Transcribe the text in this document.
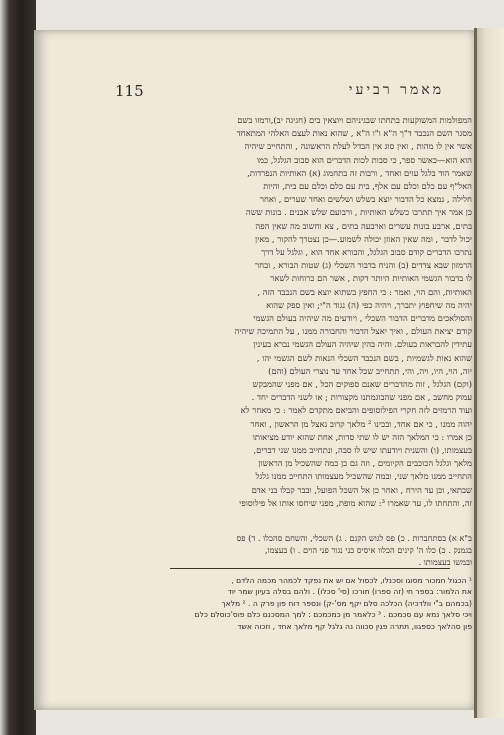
115	מאמר רביעי
המפולמות המשוקעות בתחתו שבגיניהם ויוצאין בים (חגיגה יב),ורמזו בשם
מסגר השם הנכבד ד"ך ה"א ו"ו ה"א , שהוא נאות לעצם האלהי המתאחד
אשר אין לו מהות , ואין סוג אין הבדל לעלת הראשונה , והתחייב שיהיה
הוא הוא—כאשר ספר, כי סבות לכות הדברים הוא סבוב הגלגל, כמו
שאמר הוד בלגל עוים ואחד , ורבות זה בתחמוג (א) האותיות הנפרדות,
האל"ף עם כלם וכלם עם אלף, בית עם כלם וכלם עם בית, והיות
חלילה , נמצא כל הדבור יוצא בשלש ושלשים ואחד שערים , ואחר
כן אמר איך תתרבו כשלש האותיות , ורבועם שלש אבנים . בונות ששה
בתים, ארבע בונות עשרים וארבעה בתים , צא וחשוב מה שאין הפה
יכול לדבר , ומה שאין האוזן יכולה לשמוע.—כן נצטרך להקור , מאין
נתרבו הדברים קודם סבוב הגלגל, והבורא אחד הוא , וגלגל על דרך
הרמזון שבא צדדים (ב) והניח בדבור השכלי (ג) שטות הבורא , ובחר
לו בדבור הגשמי האותיות היותר דקות , אשר הם כרוחות לשאר
האותיות, והם הוי, ואמר : כי החפץ בשתוא יוצא בשם הנכבד הזה ,
יהיה מה שיחפוץ יתברך, ויהיה כפי (ה) נגוד ה"י; ואין ספק שהוא
והסולאכים מדברים הדבור השכלי , ויודעים מה שיהיה בעולם הגשמי
קודם יציאת העולם , ואיך יאצל הדבור והחבורה ממנו , על התמיכה שיהיה
עתידין להבראות בעולם. והיה בהין שיהיה העולם הגשמי נברא בעינין
שהוא נאות לגשמיות , בשם הנכבד השכלי הנאות לשם הגשמי יהו ,
יוה, הוי, היו, ויה, והי, תתחייב שכל אחד עד נוצרי העולם (והם)
(וקם) הגלגל , זוה מהדברים שאנם ספוקים הכל , אם מפני שהמבקש
עמוק מחשב , אם מפני שהבוגמתנו מקצורות ; או לשני הדברים יחד .
ועוד הרמזים לזה חקרי הפילוסופים והביאם מתקדם לאמר : כי מאחר לא
יהוה ממנו , כי אם אחד, ובכינו ² מלאך קרוב נאצל מן הראשון , ואחר
כן אמרו : כי המלאך הזה יש לו שתי סדות, אחת שהוא יודע מציאותו
בעצמותו, (ו) והשנית ויודעתו שיש לו סבה, ונתחייב ממנו שני דברים,
מלאך וגלגל הכוכבים הקיומים , וזה גם כן כמה שהשכיל מן הראשון
התחייב ממנו מלאך שני, ובמה שהשכיל מעצמותו התחייב ממנו גלגל
שבתאי, וכן עד הירח , ואחר כן אל השכל הפועל, ובבר קבלו בני אדם
זה, והתחתו לו, עד שאמרו ³: שהוא מופת, מפני שיחסו אותו אל פילוסופי
ב"א א) בסתחברות . כ) פס לגוש הקנם . ג) השכלי, והשחם סהכלו . ד) פס
בגמנק . כ) כלו ה' קינים הכלוו איסיס כני נגור פני הוים . ו) בעצמו,
ובמשו בעצמותו .
¹ הכגול חמכור מסוגו וסכנלו, לכסול אם יש את נפקד לכמהר מכמה הלדם ,
את הלמור: בספר חי (זה ספרו) תורכו (סי' סכלו) . ולהם בסלה בעיון שמר יוד
(בכמהם ב"י וולדכיה) הכלכה סלם יקף מס'-ק) ונספר דוח פון פרק ה . ² מלאך
ויכי סלאך נמא עם סכמכם . ³ כלאמר מן כמכמכם : למך המסכנם כלם פוס'כוסלם כלם
פון סהלאך כספגוו, תתרה פגין סכווה נה גלגל קף מלאך אחד , וזכוה אשד
